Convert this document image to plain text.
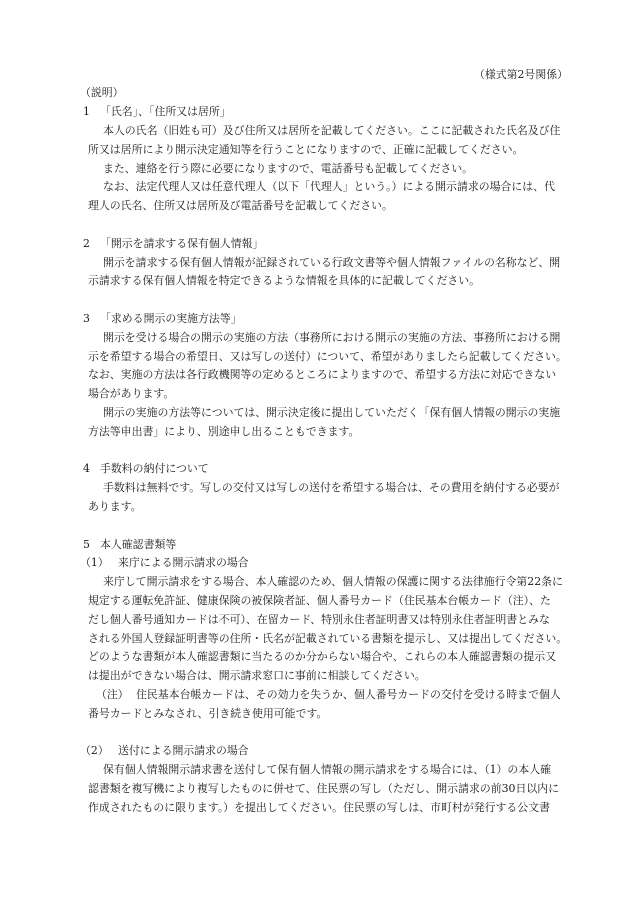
（様式第2号関係）
（説明）
1 「氏名」、「住所又は居所」
本人の氏名（旧姓も可）及び住所又は居所を記載してください。ここに記載された氏名及び住
所又は居所により開示決定通知等を行うことになりますので、正確に記載してください。
また、連絡を行う際に必要になりますので、電話番号も記載してください。
なお、法定代理人又は任意代理人（以下「代理人」という。）による開示請求の場合には、代
理人の氏名、住所又は居所及び電話番号を記載してください。
2 「開示を請求する保有個人情報」
開示を請求する保有個人情報が記録されている行政文書等や個人情報ファイルの名称など、開
示請求する保有個人情報を特定できるような情報を具体的に記載してください。
3 「求める開示の実施方法等」
開示を受ける場合の開示の実施の方法（事務所における開示の実施の方法、事務所における開
示を希望する場合の希望日、又は写しの送付）について、希望がありましたら記載してください。
なお、実施の方法は各行政機関等の定めるところによりますので、希望する方法に対応できない
場合があります。
開示の実施の方法等については、開示決定後に提出していただく「保有個人情報の開示の実施
方法等申出書」により、別途申し出ることもできます。
4 手数料の納付について
手数料は無料です。写しの交付又は写しの送付を希望する場合は、その費用を納付する必要が
あります。
5 本人確認書類等
（1） 来庁による開示請求の場合
来庁して開示請求をする場合、本人確認のため、個人情報の保護に関する法律施行令第22条に
規定する運転免許証、健康保険の被保険者証、個人番号カード（住民基本台帳カード（注）、た
だし個人番号通知カードは不可）、在留カード、特別永住者証明書又は特別永住者証明書とみな
される外国人登録証明書等の住所・氏名が記載されている書類を提示し、又は提出してください。
どのような書類が本人確認書類に当たるのか分からない場合や、これらの本人確認書類の提示又
は提出ができない場合は、開示請求窓口に事前に相談してください。
（注） 住民基本台帳カードは、その効力を失うか、個人番号カードの交付を受ける時まで個人
番号カードとみなされ、引き続き使用可能です。
（2） 送付による開示請求の場合
保有個人情報開示請求書を送付して保有個人情報の開示請求をする場合には、（1）の本人確
認書類を複写機により複写したものに併せて、住民票の写し（ただし、開示請求の前30日以内に
作成されたものに限ります。）を提出してください。住民票の写しは、市町村が発行する公文書
